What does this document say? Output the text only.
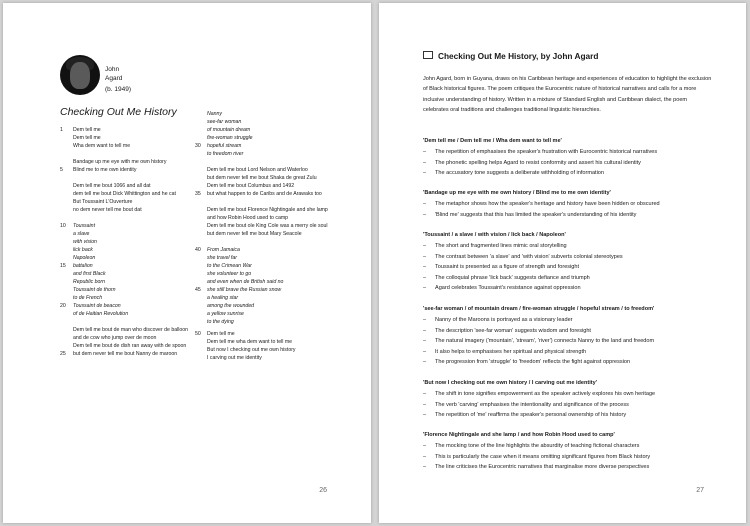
John Agard
(b. 1949)
Checking Out Me History
1 Dem tell me
Dem tell me
Wha dem want to tell me
Bandage up me eye with me own history
5 Blind me to me own identity
Dem tell me bout 1066 and all dat
dem tell me bout Dick Whittington and he cat
But Toussaint L'Ouverture
no dem never tell me bout dat
10 Toussaint
a slave
with vision
lick back
Napoleon
15 battalion
and first Black
Republic born
Toussaint de thorn
to de French
20 Toussaint de beacon
of de Haitian Revolution
Dem tell me bout de man who discover de balloon
and de cow who jump over de moon
Dem tell me bout de dish ran away with de spoon
25 but dem never tell me bout Nanny de maroon
Nanny
see-far woman
of mountain dream
fire-woman struggle
30 hopeful stream
to freedom river
Dem tell me bout Lord Nelson and Waterloo
but dem never tell me bout Shaka de great Zulu
Dem tell me bout Columbus and 1492
35 but what happen to de Caribs and de Arawaks too
Dem tell me bout Florence Nightingale and she lamp
and how Robin Hood used to camp
Dem tell me bout ole King Cole was a merry ole soul
but dem never tell me bout Mary Seacole
40 From Jamaica
she travel far
to the Crimean War
she volunteer to go
and even when de British said no
45 she still brave the Russian snow
a healing star
among the wounded
a yellow sunrise
to the dying
50 Dem tell me
Dem tell me wha dem want to tell me
But now I checking out me own history
I carving out me identity
26
Checking Out Me History, by John Agard
John Agard, born in Guyana, draws on his Caribbean heritage and experiences of education to highlight the exclusion of Black historical figures. The poem critiques the Eurocentric nature of historical narratives and calls for a more inclusive understanding of history. Written in a mixture of Standard English and Caribbean dialect, the poem celebrates oral traditions and challenges traditional linguistic hierarchies.
'Dem tell me / Dem tell me / Wha dem want to tell me'
– The repetition of emphasises the speaker's frustration with Eurocentric historical narratives
– The phonetic spelling helps Agard to resist conformity and assert his cultural identity
– The accusatory tone suggests a deliberate withholding of information
'Bandage up me eye with me own history / Blind me to me own identity'
– The metaphor shows how the speaker's heritage and history have been hidden or obscured
– 'Blind me' suggests that this has limited the speaker's understanding of his identity
'Toussaint / a slave / with vision / lick back / Napoleon'
– The short and fragmented lines mimic oral storytelling
– The contrast between 'a slave' and 'with vision' subverts colonial stereotypes
– Toussaint is presented as a figure of strength and foresight
– The colloquial phrase 'lick back' suggests defiance and triumph
– Agard celebrates Toussaint's resistance against oppression
'see-far woman / of mountain dream / fire-woman struggle / hopeful stream / to freedom'
– Nanny of the Maroons is portrayed as a visionary leader
– The description 'see-far woman' suggests wisdom and foresight
– The natural imagery ('mountain', 'stream', 'river') connects Nanny to the land and freedom
– It also helps to emphasises her spiritual and physical strength
– The progression from 'struggle' to 'freedom' reflects the fight against oppression
'But now I checking out me own history / I carving out me identity'
– The shift in tone signifies empowerment as the speaker actively explores his own heritage
– The verb 'carving' emphasises the intentionality and significance of the process
– The repetition of 'me' reaffirms the speaker's personal ownership of his history
'Florence Nightingale and she lamp / and how Robin Hood used to camp'
– The mocking tone of the line highlights the absurdity of teaching fictional characters
– This is particularly the case when it means omitting significant figures from Black history
– The line criticises the Eurocentric narratives that marginalise more diverse perspectives
27
